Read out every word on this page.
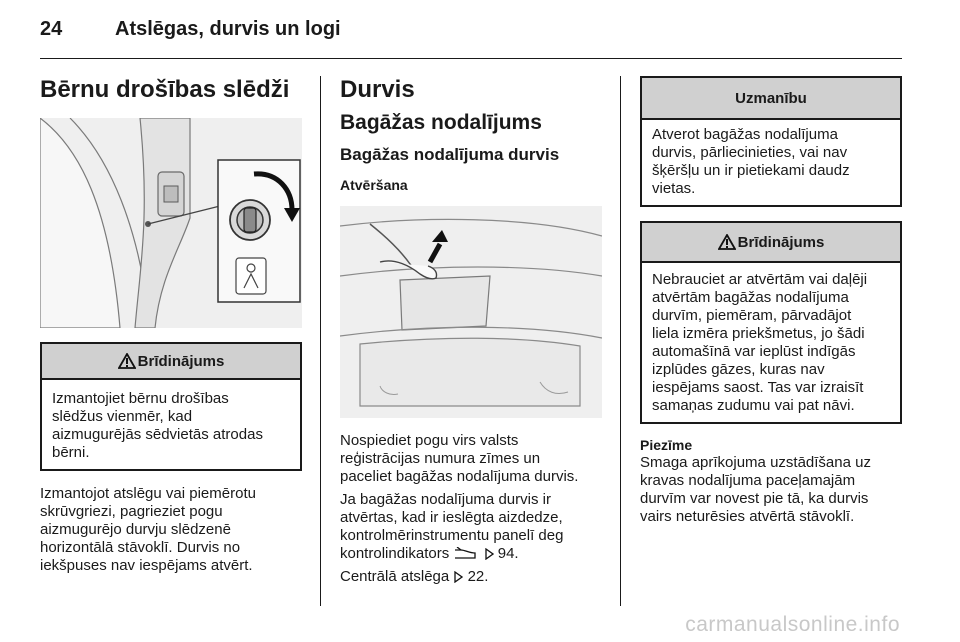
24	Atslēgas, durvis un logi
Bērnu drošības slēdži
Brīdinājums
Izmantojiet bērnu drošības
slēdžus vienmēr, kad
aizmugurējās sēdvietās atrodas
bērni.
Izmantojot atslēgu vai piemērotu
skrūvgriezi, pagrieziet pogu
aizmugurējo durvju slēdzenē
horizontālā stāvoklī. Durvis no
iekšpuses nav iespējams atvērt.
Durvis
Bagāžas nodalījums
Bagāžas nodalījuma durvis
Atvēršana
Nospiediet pogu virs valsts
reģistrācijas numura zīmes un
paceliet bagāžas nodalījuma durvis.
Ja bagāžas nodalījuma durvis ir
atvērtas, kad ir ieslēgta aizdedze,
kontrolmērinstrumentu panelī deg
kontrolindikators	94.
Centrālā atslēga 22.
Uzmanību
Atverot bagāžas nodalījuma
durvis, pārliecinieties, vai nav
šķēršļu un ir pietiekami daudz
vietas.
Brīdinājums
Nebrauciet ar atvērtām vai daļēji
atvērtām bagāžas nodalījuma
durvīm, piemēram, pārvadājot
liela izmēra priekšmetus, jo šādi
automašīnā var ieplūst indīgās
izplūdes gāzes, kuras nav
iespējams saost. Tas var izraisīt
samaņas zudumu vai pat nāvi.
Piezīme
Smaga aprīkojuma uzstādīšana uz
kravas nodalījuma paceļamajām
durvīm var novest pie tā, ka durvis
vairs neturēsies atvērtā stāvoklī.
carmanualsonline.info
